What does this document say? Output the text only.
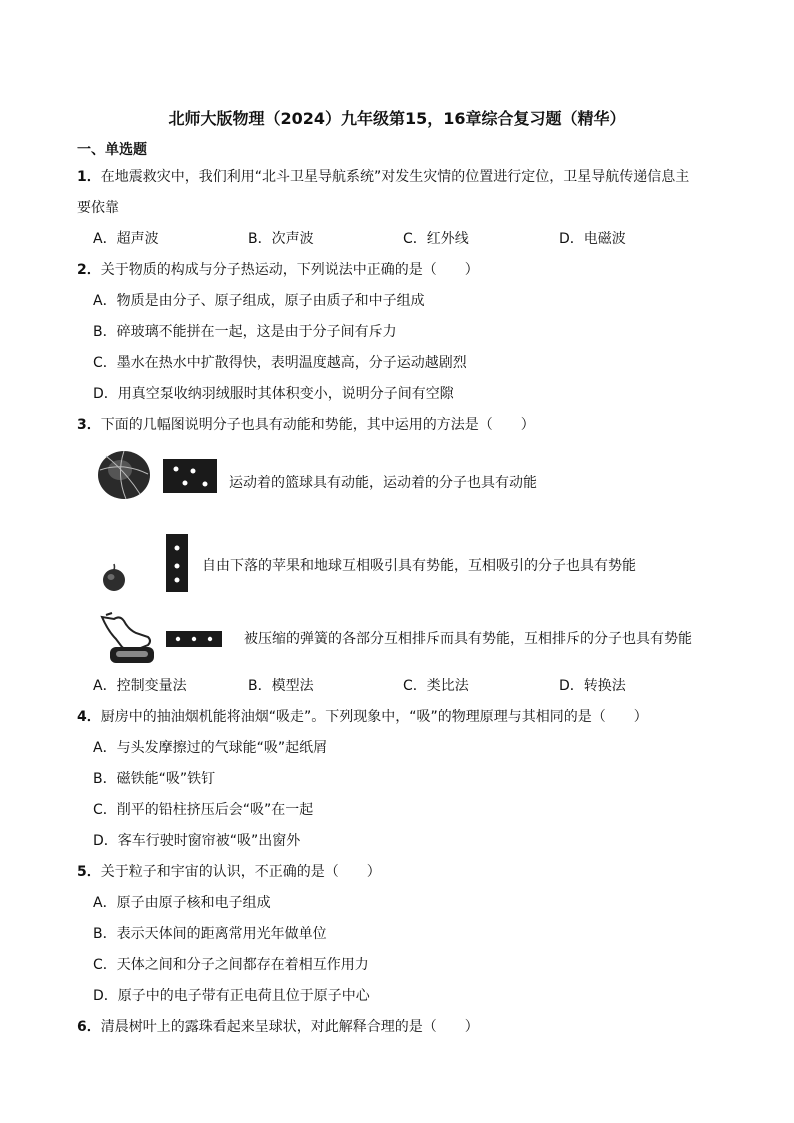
北师大版物理（2024）九年级第15，16章综合复习题（精华）
一、单选题
1．在地震救灾中，我们利用“北斗卫星导航系统”对发生灾情的位置进行定位，卫星导航传递信息主
要依靠
A．超声波	B．次声波	C．红外线	D．电磁波
2．关于物质的构成与分子热运动，下列说法中正确的是（　　）
A．物质是由分子、原子组成，原子由质子和中子组成
B．碎玻璃不能拼在一起，这是由于分子间有斥力
C．墨水在热水中扩散得快，表明温度越高，分子运动越剧烈
D．用真空泵收纳羽绒服时其体积变小，说明分子间有空隙
3．下面的几幅图说明分子也具有动能和势能，其中运用的方法是（　　）
运动着的篮球具有动能，运动着的分子也具有动能
自由下落的苹果和地球互相吸引具有势能，互相吸引的分子也具有势能
被压缩的弹簧的各部分互相排斥而具有势能，互相排斥的分子也具有势能
A．控制变量法	B．模型法	C．类比法	D．转换法
4．厨房中的抽油烟机能将油烟“吸走”。下列现象中，“吸”的物理原理与其相同的是（　　）
A．与头发摩擦过的气球能“吸”起纸屑
B．磁铁能“吸”铁钉
C．削平的铅柱挤压后会“吸”在一起
D．客车行驶时窗帘被“吸”出窗外
5．关于粒子和宇宙的认识，不正确的是（　　）
A．原子由原子核和电子组成
B．表示天体间的距离常用光年做单位
C．天体之间和分子之间都存在着相互作用力
D．原子中的电子带有正电荷且位于原子中心
6．清晨树叶上的露珠看起来呈球状，对此解释合理的是（　　）
